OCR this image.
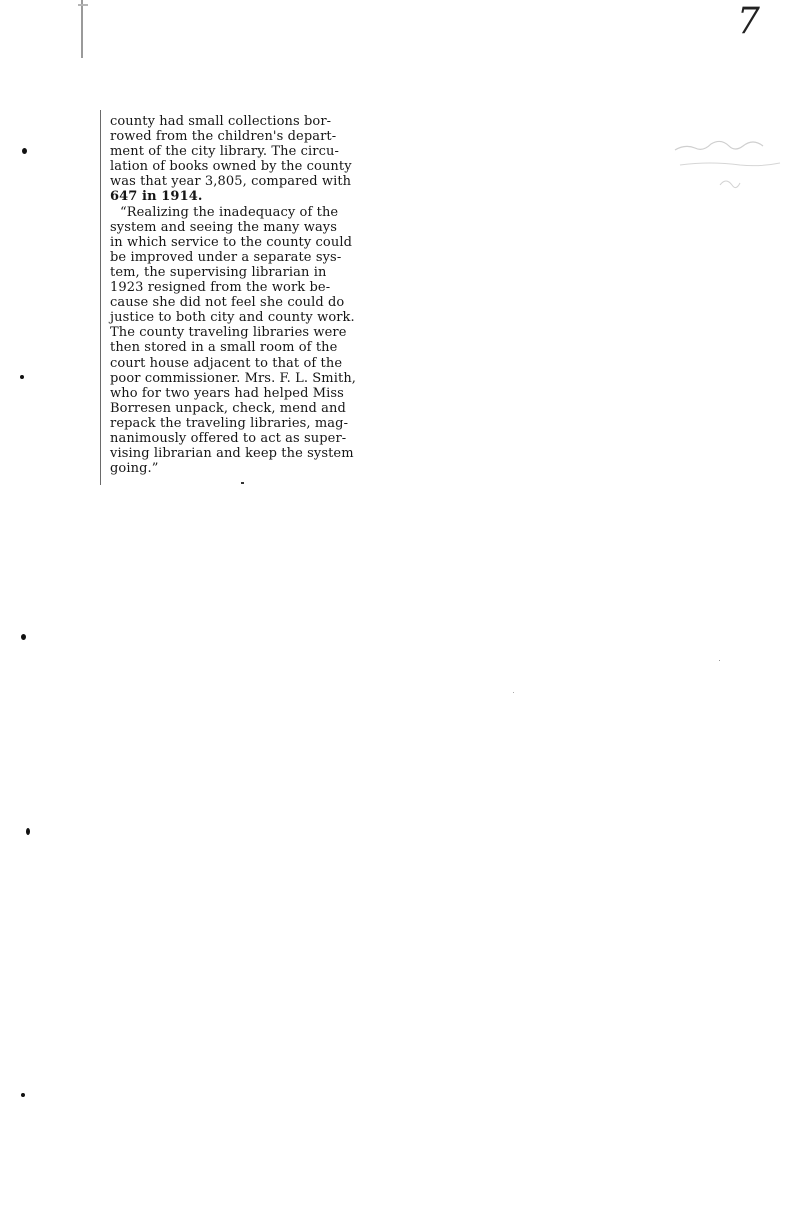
7
county had small collections bor-
rowed from the children's depart-
ment of the city library. The circu-
lation of books owned by the county
was that year 3,805, compared with
647 in 1914.
“Realizing the inadequacy of the
system and seeing the many ways
in which service to the county could
be improved under a separate sys-
tem, the supervising librarian in
1923 resigned from the work be-
cause she did not feel she could do
justice to both city and county work.
The county traveling libraries were
then stored in a small room of the
court house adjacent to that of the
poor commissioner. Mrs. F. L. Smith,
who for two years had helped Miss
Borresen unpack, check, mend and
repack the traveling libraries, mag-
nanimously offered to act as super-
vising librarian and keep the system
going.”
